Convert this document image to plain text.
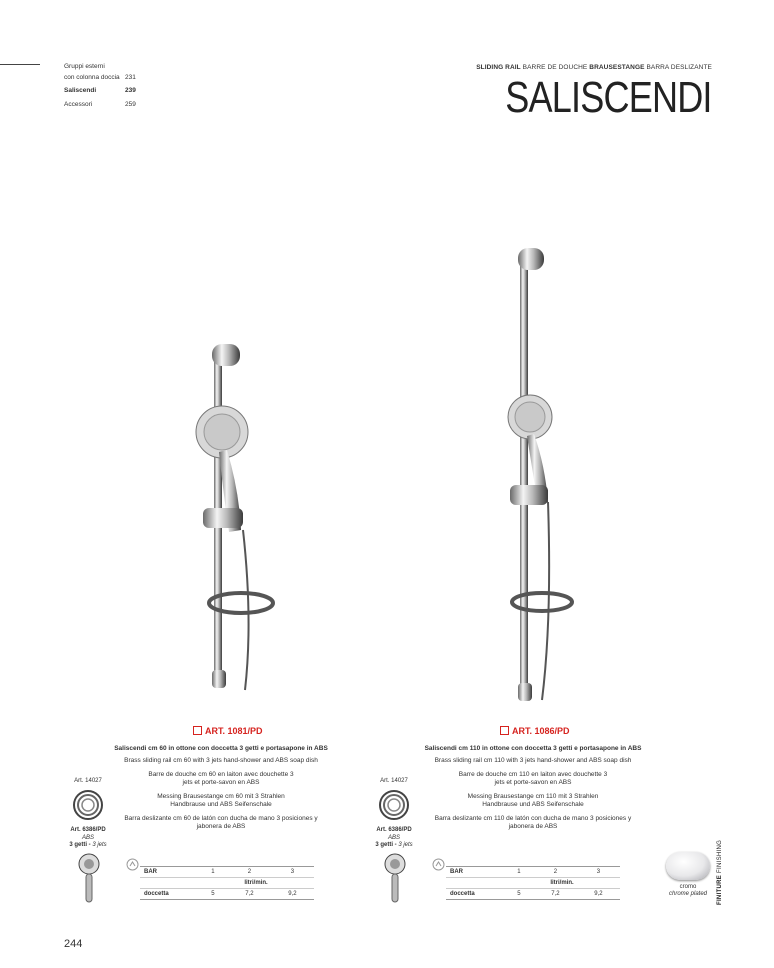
Gruppi esterni
con colonna doccia 231
Saliscendi	239
Accessori	259
SLIDING RAIL BARRE DE DOUCHE BRAUSESTANGE BARRA DESLIZANTE
SALISCENDI
ART. 1081/PD
Saliscendi cm 60 in ottone con doccetta 3 getti e portasapone in ABS

Brass sliding rail cm 60 with 3 jets hand-shower and ABS soap dish

Barre de douche cm 60 en laiton avec douchette 3 jets et porte-savon en ABS

Messing Brausestange cm 60 mit 3 Strahlen Handbrause und ABS Seifenschale

Barra deslizante cm 60 de latón con ducha de mano 3 posiciones y jabonera de ABS

ART. 1086/PD
Saliscendi cm 110 in ottone con doccetta 3 getti e portasapone in ABS

Brass sliding rail cm 110 with 3 jets hand-shower and ABS soap dish

Barre de douche cm 110 en laiton avec douchette 3 jets et porte-savon en ABS

Messing Brausestange cm 110 mit 3 Strahlen Handbrause und ABS Seifenschale

Barra deslizante cm 110 de latón con ducha de mano 3 posiciones y jabonera de ABS

Art. 14027
Art. 6386/PD
ABS
3 getti - 3 jets
Art. 14027
Art. 6386/PD
ABS
3 getti - 3 jets
BAR	1	2	3
	litri/min.		
doccetta	5	7,2	9,2
BAR	1	2	3
	litri/min.		
doccetta	5	7,2	9,2
cromo
chrome plated	FINITURE FINISHING
244
